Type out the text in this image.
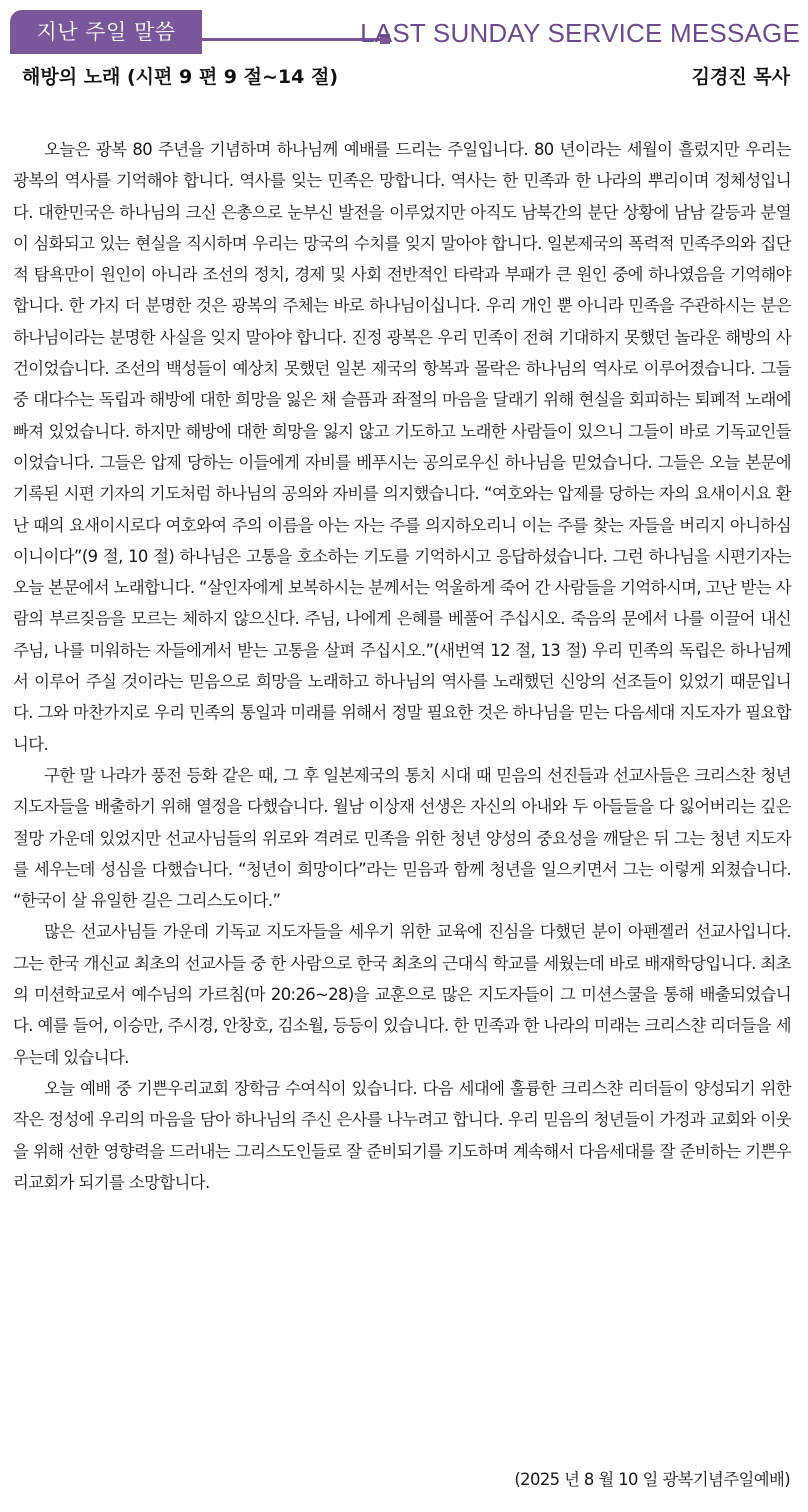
지난 주일 말씀	LAST SUNDAY SERVICE MESSAGE
해방의 노래 (시편 9 편 9 절~14 절)	김경진 목사

오늘은 광복 80 주년을 기념하며 하나님께 예배를 드리는 주일입니다. 80 년이라는 세월이 흘렀지만 우리는 광복의 역사를 기억해야 합니다. 역사를 잊는 민족은 망합니다. 역사는 한 민족과 한 나라의 뿌리이며 정체성입니다. 대한민국은 하나님의 크신 은총으로 눈부신 발전을 이루었지만 아직도 남북간의 분단 상황에 남남 갈등과 분열이 심화되고 있는 현실을 직시하며 우리는 망국의 수치를 잊지 말아야 합니다. 일본제국의 폭력적 민족주의와 집단적 탐욕만이 원인이 아니라 조선의 정치, 경제 및 사회 전반적인 타락과 부패가 큰 원인 중에 하나였음을 기억해야 합니다. 한 가지 더 분명한 것은 광복의 주체는 바로 하나님이십니다. 우리 개인 뿐 아니라 민족을 주관하시는 분은 하나님이라는 분명한 사실을 잊지 말아야 합니다. 진정 광복은 우리 민족이 전혀 기대하지 못했던 놀라운 해방의 사건이었습니다. 조선의 백성들이 예상치 못했던 일본 제국의 항복과 몰락은 하나님의 역사로 이루어졌습니다. 그들 중 대다수는 독립과 해방에 대한 희망을 잃은 채 슬픔과 좌절의 마음을 달래기 위해 현실을 회피하는 퇴폐적 노래에 빠져 있었습니다. 하지만 해방에 대한 희망을 잃지 않고 기도하고 노래한 사람들이 있으니 그들이 바로 기독교인들이었습니다. 그들은 압제 당하는 이들에게 자비를 베푸시는 공의로우신 하나님을 믿었습니다. 그들은 오늘 본문에 기록된 시편 기자의 기도처럼 하나님의 공의와 자비를 의지했습니다. “여호와는 압제를 당하는 자의 요새이시요 환난 때의 요새이시로다 여호와여 주의 이름을 아는 자는 주를 의지하오리니 이는 주를 찾는 자들을 버리지 아니하심이니이다”(9 절, 10 절) 하나님은 고통을 호소하는 기도를 기억하시고 응답하셨습니다. 그런 하나님을 시편기자는 오늘 본문에서 노래합니다. “살인자에게 보복하시는 분께서는 억울하게 죽어 간 사람들을 기억하시며, 고난 받는 사람의 부르짖음을 모르는 체하지 않으신다. 주님, 나에게 은혜를 베풀어 주십시오. 죽음의 문에서 나를 이끌어 내신 주님, 나를 미워하는 자들에게서 받는 고통을 살펴 주십시오.”(새번역 12 절, 13 절) 우리 민족의 독립은 하나님께서 이루어 주실 것이라는 믿음으로 희망을 노래하고 하나님의 역사를 노래했던 신앙의 선조들이 있었기 때문입니다. 그와 마찬가지로 우리 민족의 통일과 미래를 위해서 정말 필요한 것은 하나님을 믿는 다음세대 지도자가 필요합니다.

구한 말 나라가 풍전 등화 같은 때, 그 후 일본제국의 통치 시대 때 믿음의 선진들과 선교사들은 크리스찬 청년 지도자들을 배출하기 위해 열정을 다했습니다. 월남 이상재 선생은 자신의 아내와 두 아들들을 다 잃어버리는 깊은 절망 가운데 있었지만 선교사님들의 위로와 격려로 민족을 위한 청년 양성의 중요성을 깨달은 뒤 그는 청년 지도자를 세우는데 성심을 다했습니다. “청년이 희망이다”라는 믿음과 함께 청년을 일으키면서 그는 이렇게 외쳤습니다. “한국이 살 유일한 길은 그리스도이다.”

많은 선교사님들 가운데 기독교 지도자들을 세우기 위한 교육에 진심을 다했던 분이 아펜젤러 선교사입니다. 그는 한국 개신교 최초의 선교사들 중 한 사람으로 한국 최초의 근대식 학교를 세웠는데 바로 배재학당입니다. 최초의 미션학교로서 예수님의 가르침(마 20:26~28)을 교훈으로 많은 지도자들이 그 미션스쿨을 통해 배출되었습니다. 예를 들어, 이승만, 주시경, 안창호, 김소월, 등등이 있습니다. 한 민족과 한 나라의 미래는 크리스챤 리더들을 세우는데 있습니다.

오늘 예배 중 기쁜우리교회 장학금 수여식이 있습니다. 다음 세대에 훌륭한 크리스챤 리더들이 양성되기 위한 작은 정성에 우리의 마음을 담아 하나님의 주신 은사를 나누려고 합니다. 우리 믿음의 청년들이 가정과 교회와 이웃을 위해 선한 영향력을 드러내는 그리스도인들로 잘 준비되기를 기도하며 계속해서 다음세대를 잘 준비하는 기쁜우리교회가 되기를 소망합니다.

(2025 년 8 월 10 일 광복기념주일예배)
